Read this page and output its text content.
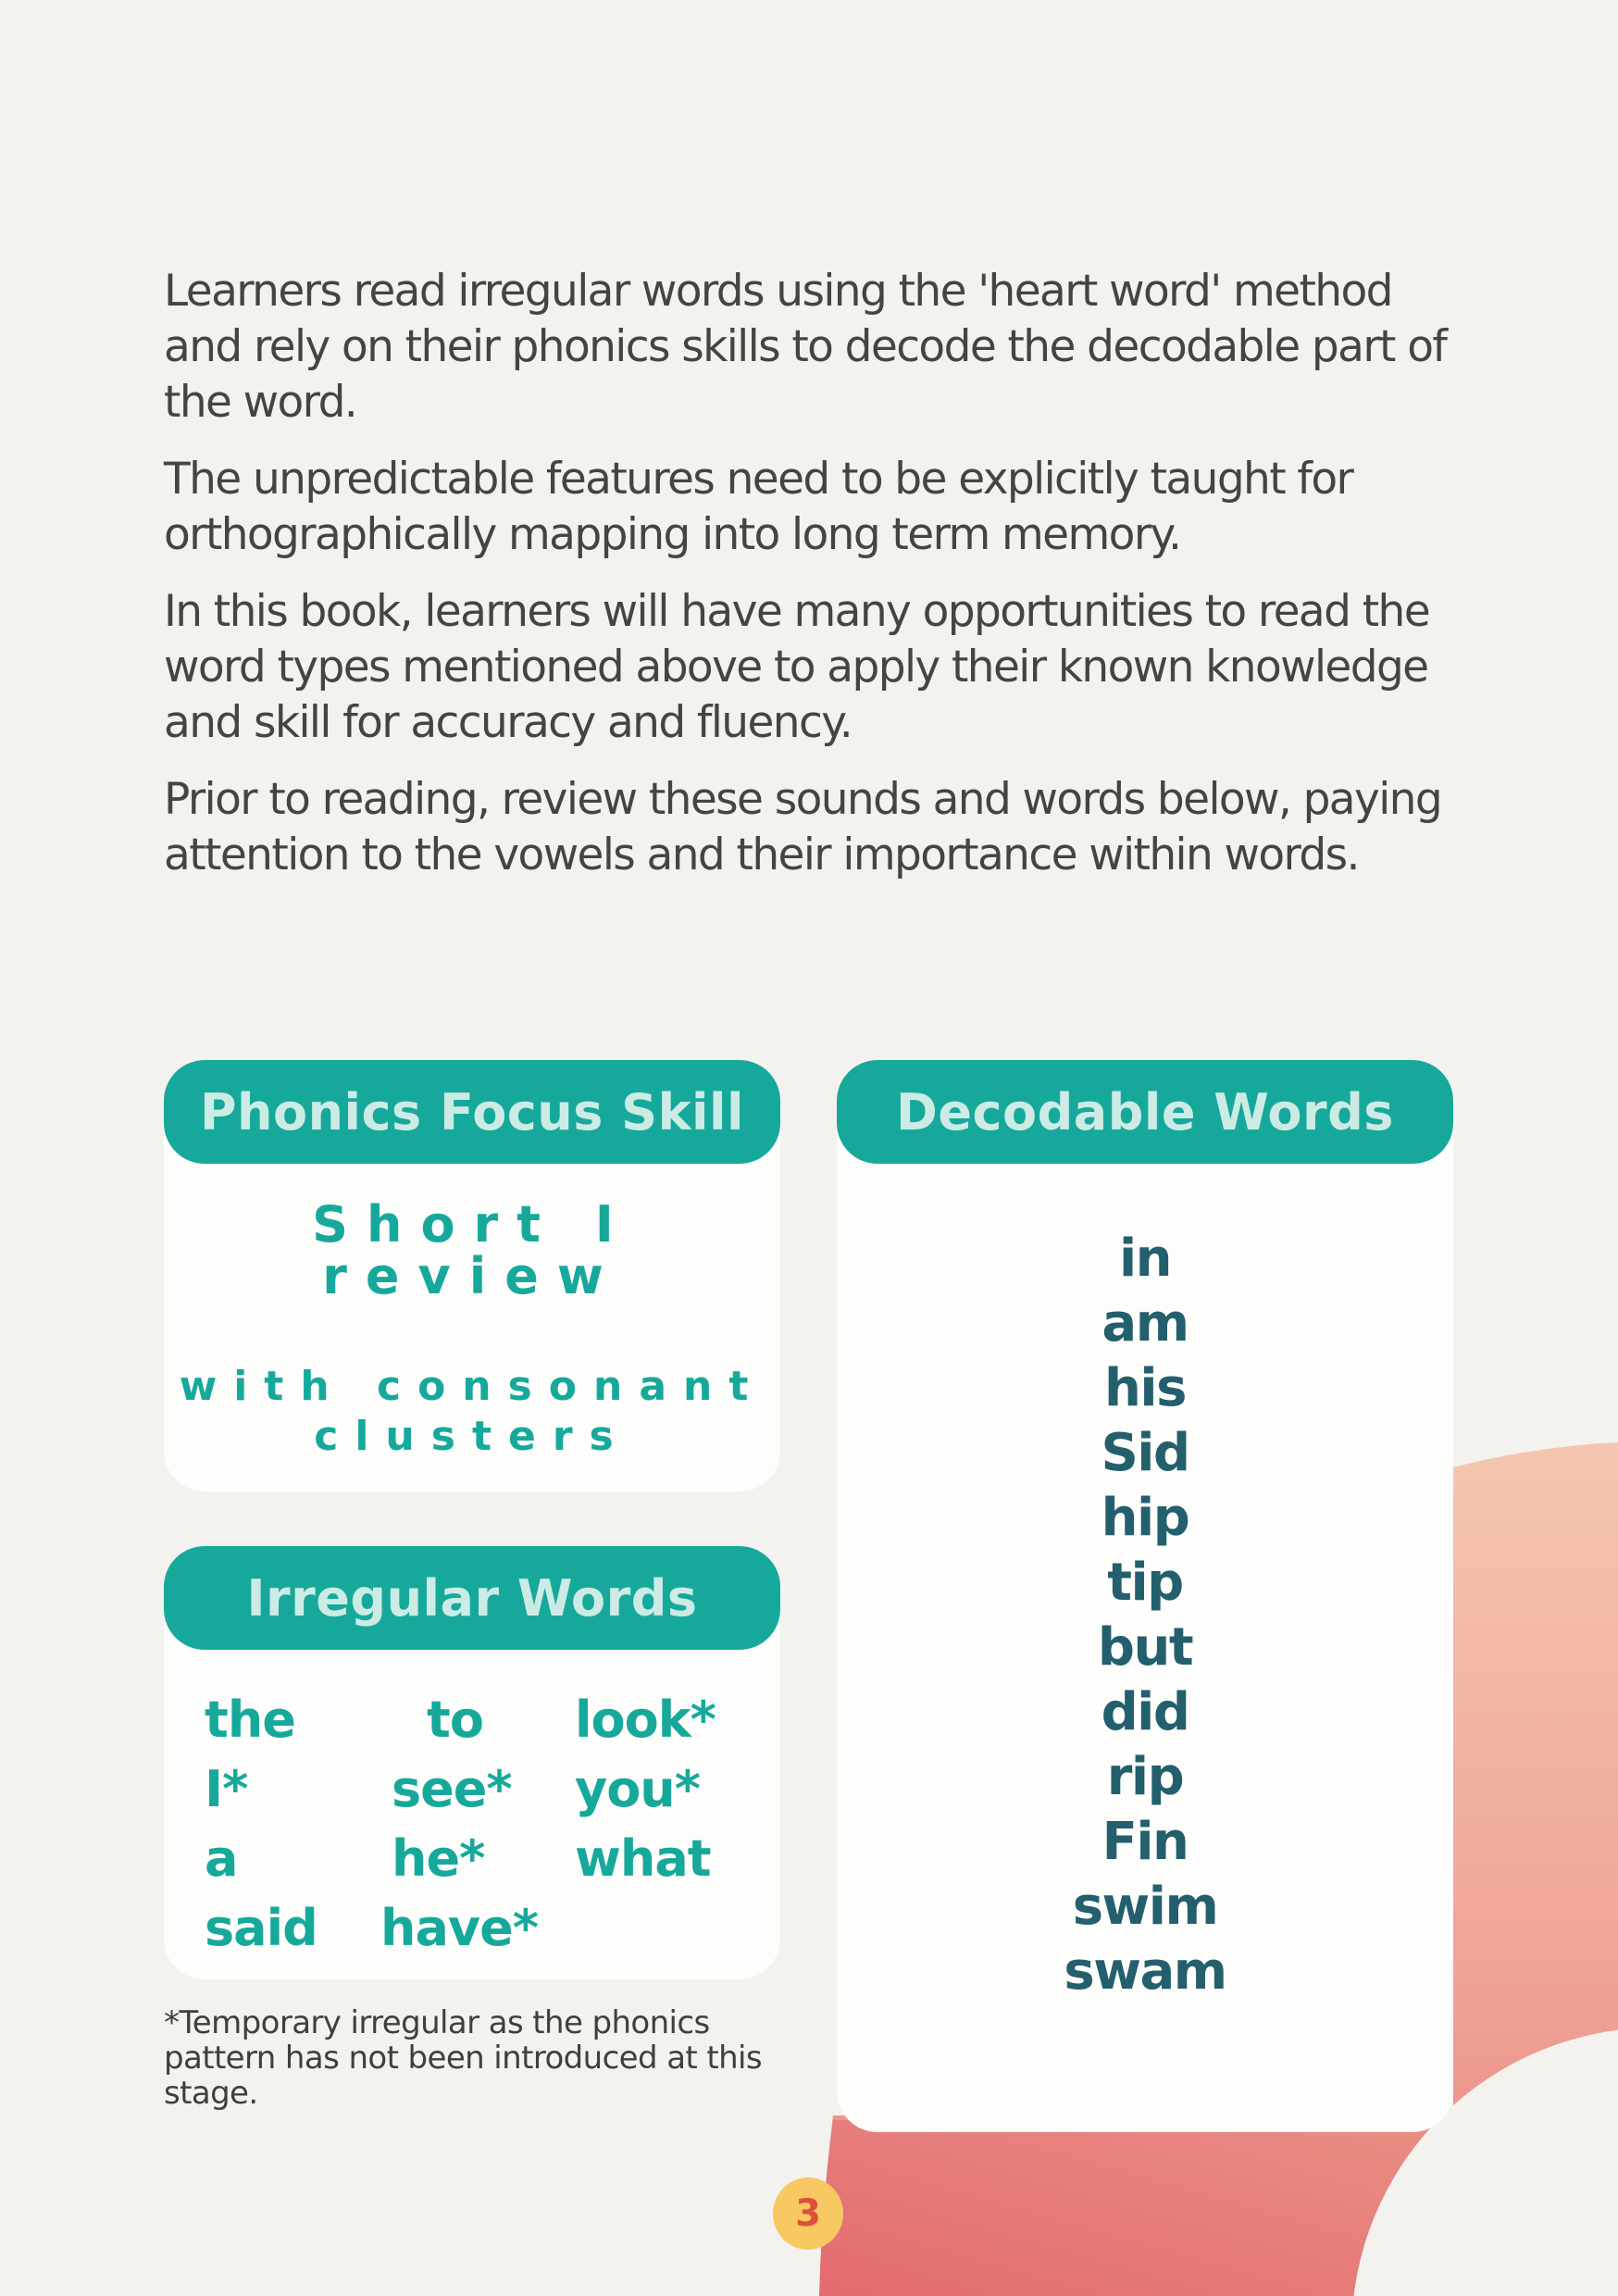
Learners read irregular words using the 'heart word' method and rely on their phonics skills to decode the decodable part of the word.

The unpredictable features need to be explicitly taught for orthographically mapping into long term memory.

In this book, learners will have many opportunities to read the word types mentioned above to apply their known knowledge and skill for accuracy and fluency.

Prior to reading, review these sounds and words below, paying attention to the vowels and their importance within words.

Phonics Focus Skill
Short I
review
with consonant
clusters
Irregular Words
the	to	look*
I*	see*	you*
a	he*	what
said	have*
Decodable Words
in
am
his
Sid
hip
tip
but
did
rip
Fin
swim
swam
*Temporary irregular as the phonics pattern has not been introduced at this stage.
3
